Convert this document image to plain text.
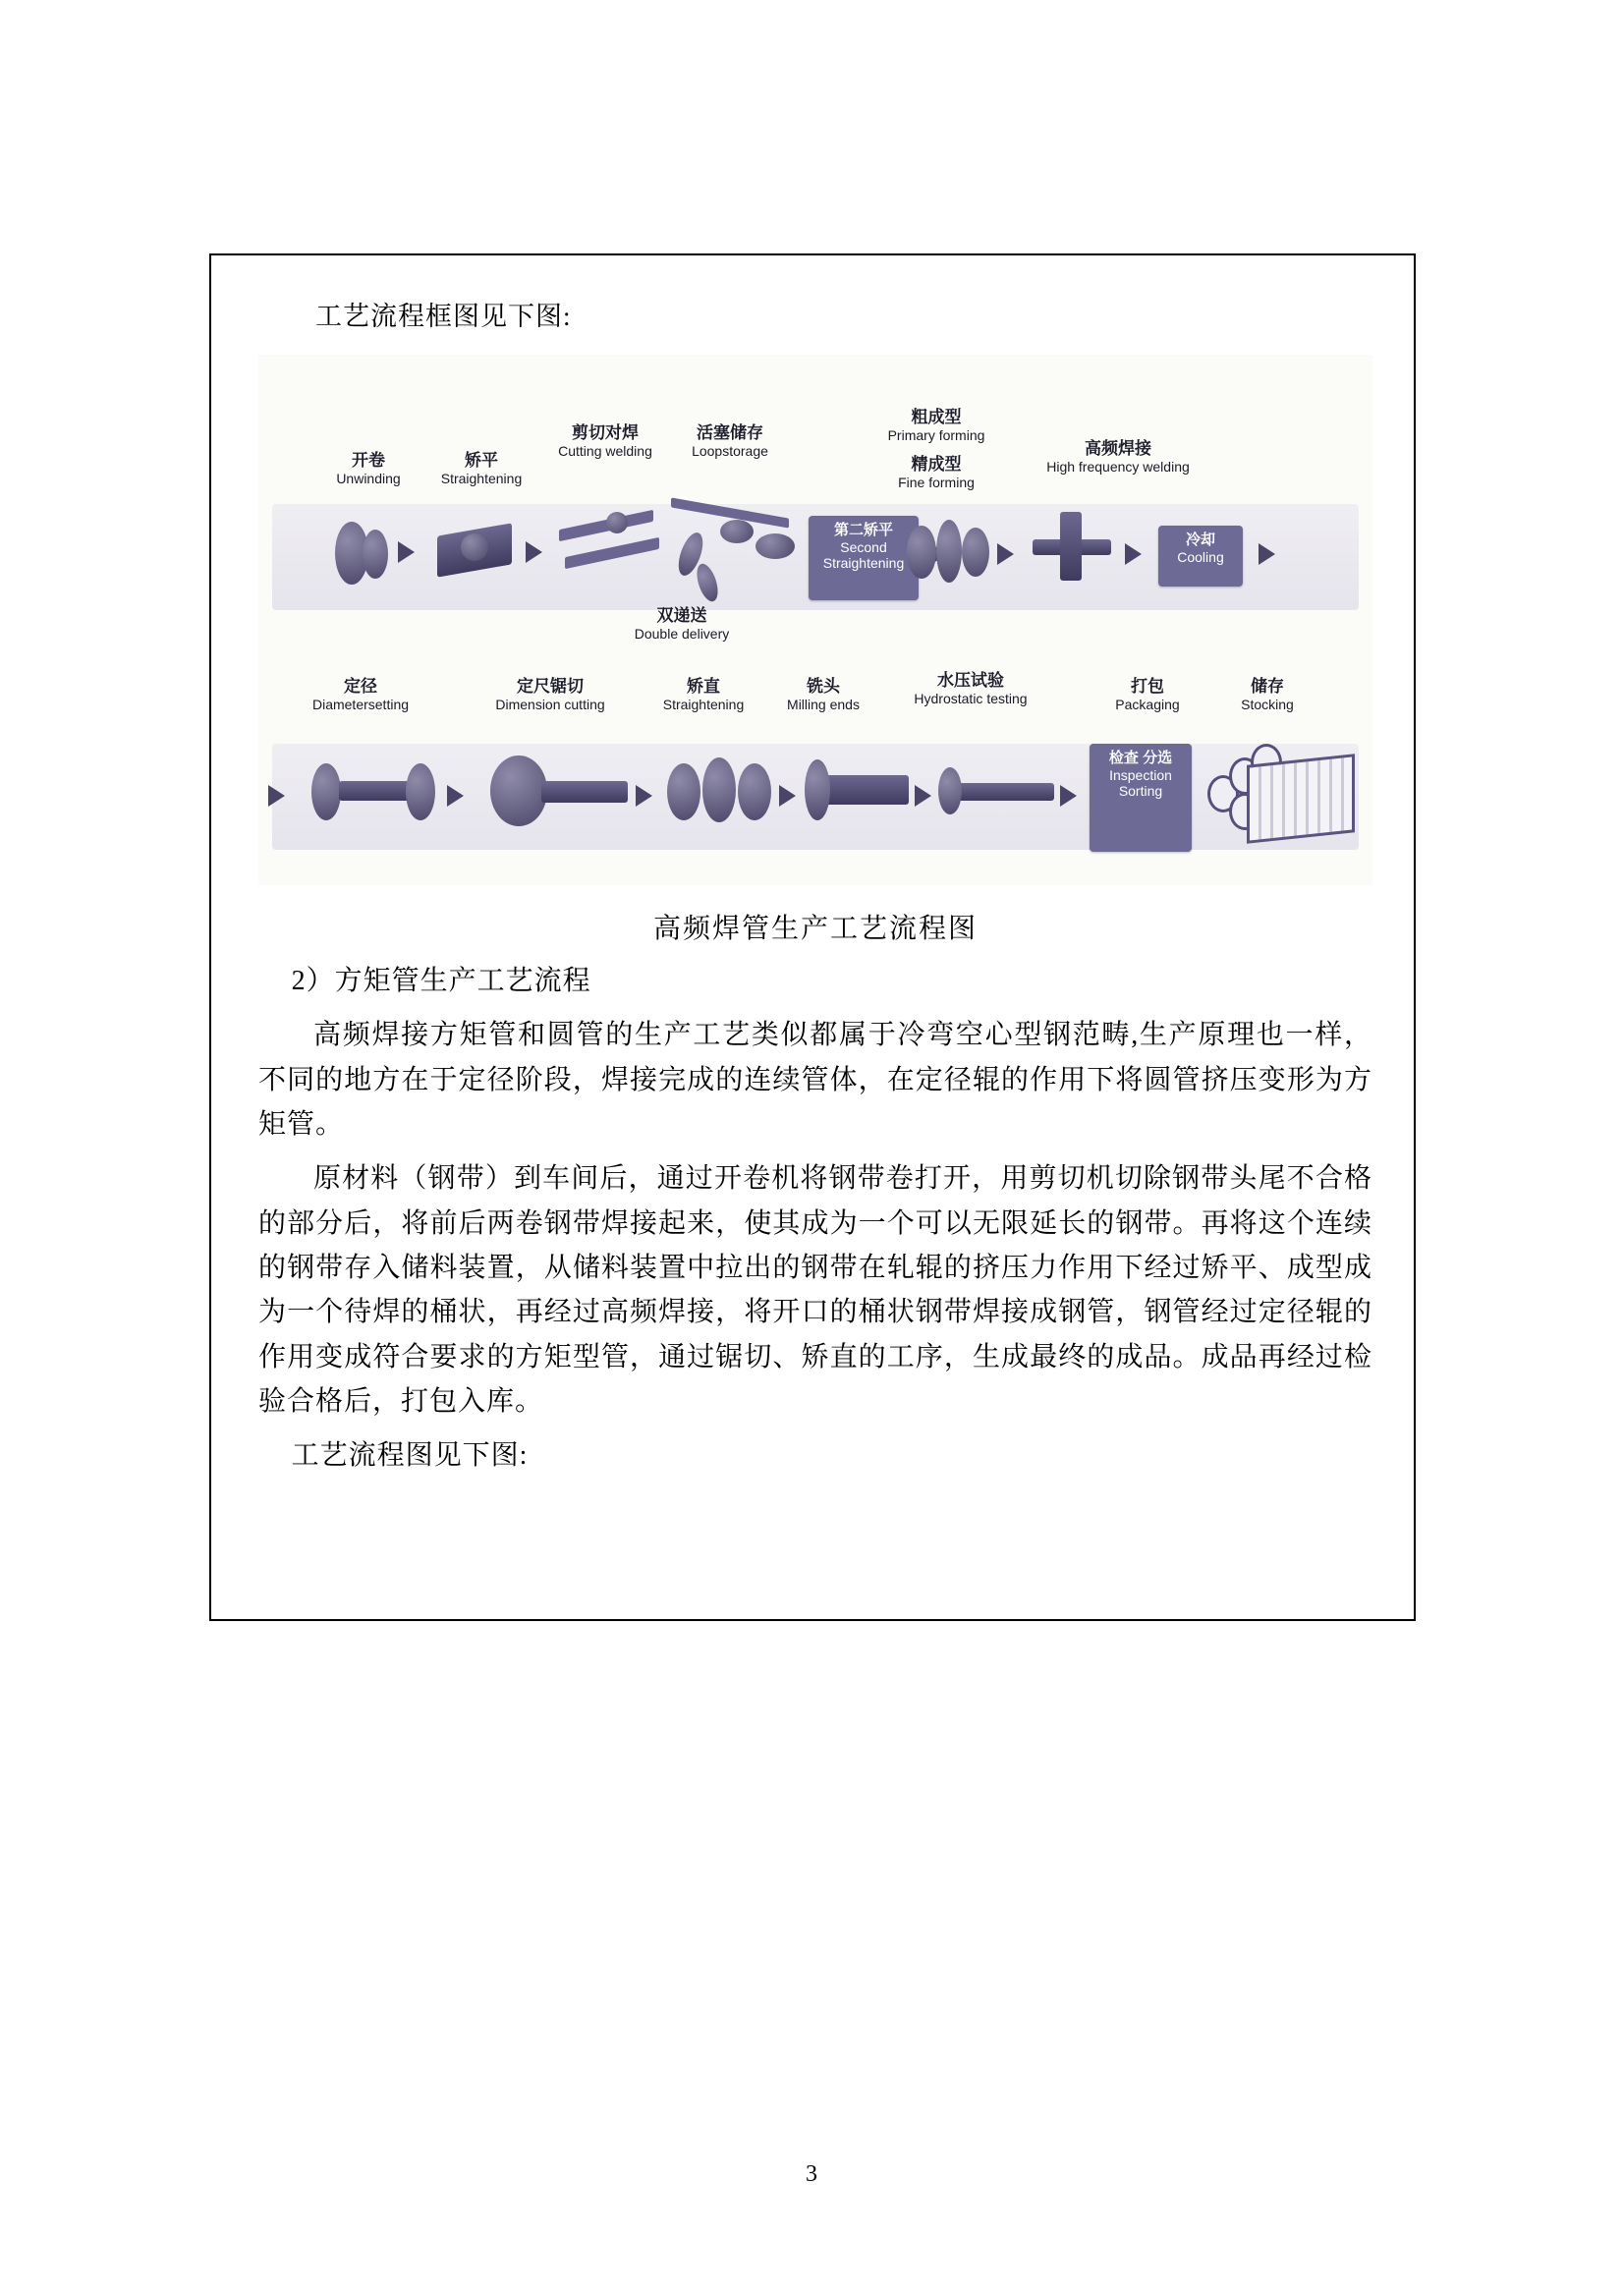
工艺流程框图见下图:
开卷
Unwinding
矫平
Straightening
剪切对焊
Cutting welding
活塞储存
Loopstorage
双递送
Double delivery
粗成型
Primary forming
精成型
Fine forming
高频焊接
High frequency welding
第二矫平
Second Straightening
冷却
Cooling
定径
Diametersetting
定尺锯切
Dimension cutting
矫直
Straightening
铣头
Milling ends
水压试验
Hydrostatic testing
打包
Packaging
储存
Stocking
检查 分选
Inspection Sorting
高频焊管生产工艺流程图
2）方矩管生产工艺流程
高频焊接方矩管和圆管的生产工艺类似都属于冷弯空心型钢范畴,生产原理也一样，不同的地方在于定径阶段，焊接完成的连续管体，在定径辊的作用下将圆管挤压变形为方矩管。
原材料（钢带）到车间后，通过开卷机将钢带卷打开，用剪切机切除钢带头尾不合格的部分后，将前后两卷钢带焊接起来，使其成为一个可以无限延长的钢带。再将这个连续的钢带存入储料装置，从储料装置中拉出的钢带在轧辊的挤压力作用下经过矫平、成型成为一个待焊的桶状，再经过高频焊接，将开口的桶状钢带焊接成钢管，钢管经过定径辊的作用变成符合要求的方矩型管，通过锯切、矫直的工序，生成最终的成品。成品再经过检验合格后，打包入库。
工艺流程图见下图:
3
